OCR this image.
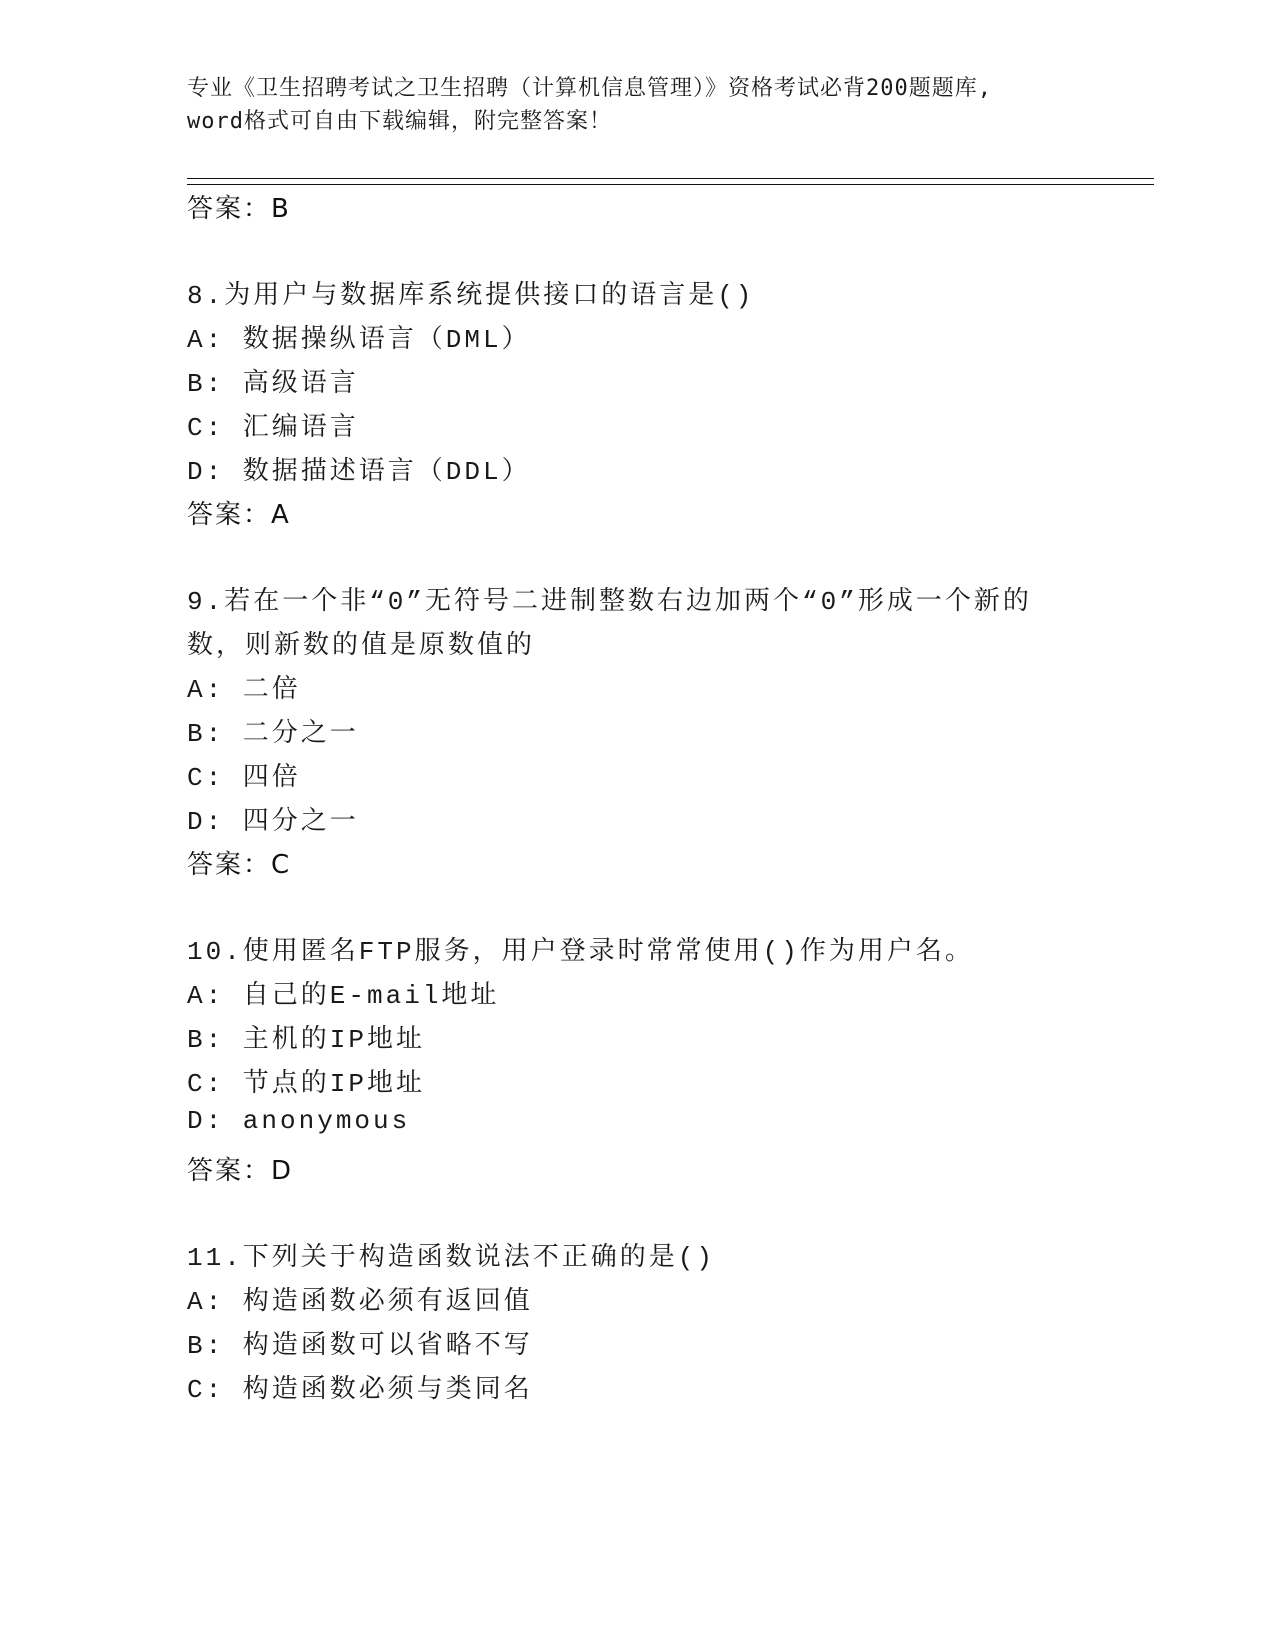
专业《卫生招聘考试之卫生招聘（计算机信息管理）》资格考试必背200题题库,
word格式可自由下载编辑，附完整答案！
答案：B
8.为用户与数据库系统提供接口的语言是()
A: 数据操纵语言（DML）
B: 高级语言
C: 汇编语言
D: 数据描述语言（DDL）
答案：A
9.若在一个非“0”无符号二进制整数右边加两个“0”形成一个新的
数，则新数的值是原数值的
A: 二倍
B: 二分之一
C: 四倍
D: 四分之一
答案：C
10.使用匿名FTP服务，用户登录时常常使用()作为用户名。
A: 自己的E-mail地址
B: 主机的IP地址
C: 节点的IP地址
D: anonymous
答案：D
11.下列关于构造函数说法不正确的是()
A: 构造函数必须有返回值
B: 构造函数可以省略不写
C: 构造函数必须与类同名
